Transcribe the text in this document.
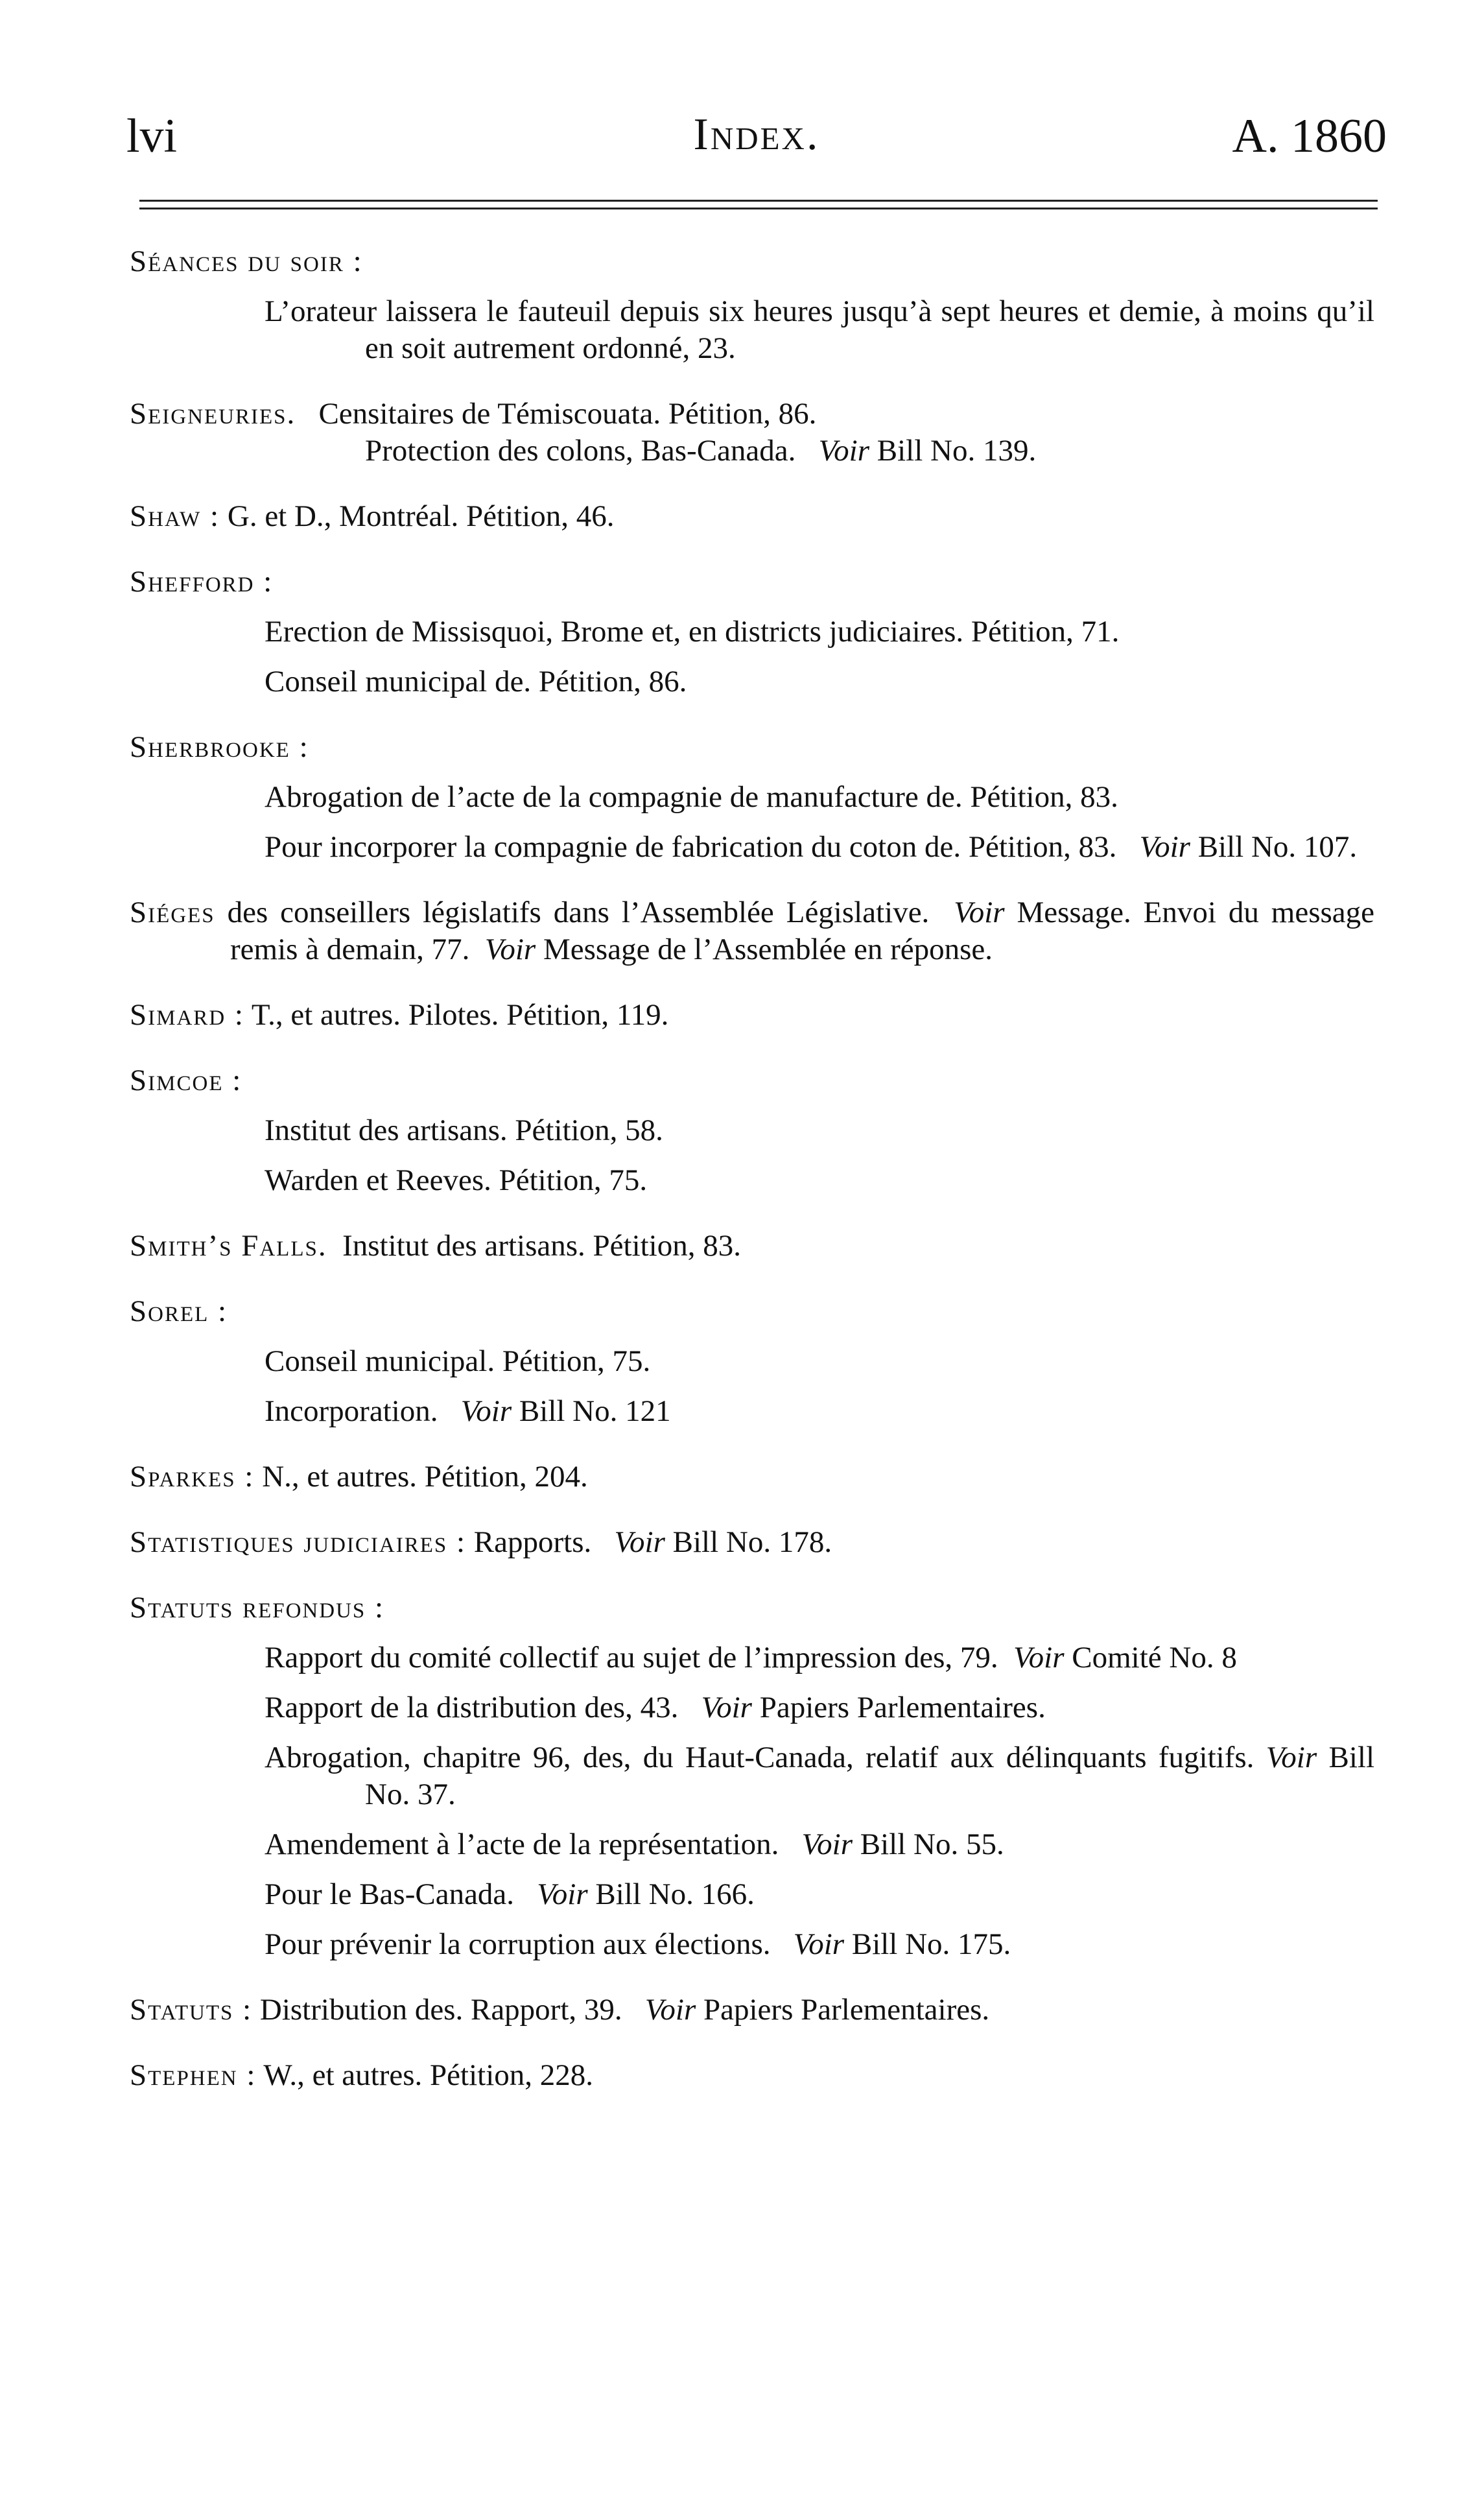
lvi	Index.	A. 1860
Séances du soir :
L’orateur laissera le fauteuil depuis six heures jusqu’à sept heures et demie, à moins qu’il en soit autrement ordonné, 23.
Seigneuries. Censitaires de Témiscouata. Pétition, 86.
Protection des colons, Bas-Canada. Voir Bill No. 139.
Shaw : G. et D., Montréal. Pétition, 46.
Shefford :
Erection de Missisquoi, Brome et, en districts judiciaires. Pétition, 71.
Conseil municipal de. Pétition, 86.
Sherbrooke :
Abrogation de l’acte de la compagnie de manufacture de. Pétition, 83.
Pour incorporer la compagnie de fabrication du coton de. Pétition, 83. Voir Bill No. 107.
Siéges des conseillers législatifs dans l’Assemblée Législative. Voir Message. Envoi du message remis à demain, 77. Voir Message de l’Assemblée en réponse.
Simard : T., et autres. Pilotes. Pétition, 119.
Simcoe :
Institut des artisans. Pétition, 58.
Warden et Reeves. Pétition, 75.
Smith’s Falls. Institut des artisans. Pétition, 83.
Sorel :
Conseil municipal. Pétition, 75.
Incorporation. Voir Bill No. 121
Sparkes : N., et autres. Pétition, 204.
Statistiques judiciaires : Rapports. Voir Bill No. 178.
Statuts refondus :
Rapport du comité collectif au sujet de l’impression des, 79. Voir Comité No. 8
Rapport de la distribution des, 43. Voir Papiers Parlementaires.
Abrogation, chapitre 96, des, du Haut-Canada, relatif aux délinquants fugitifs. Voir Bill No. 37.
Amendement à l’acte de la représentation. Voir Bill No. 55.
Pour le Bas-Canada. Voir Bill No. 166.
Pour prévenir la corruption aux élections. Voir Bill No. 175.
Statuts : Distribution des. Rapport, 39. Voir Papiers Parlementaires.
Stephen : W., et autres. Pétition, 228.
